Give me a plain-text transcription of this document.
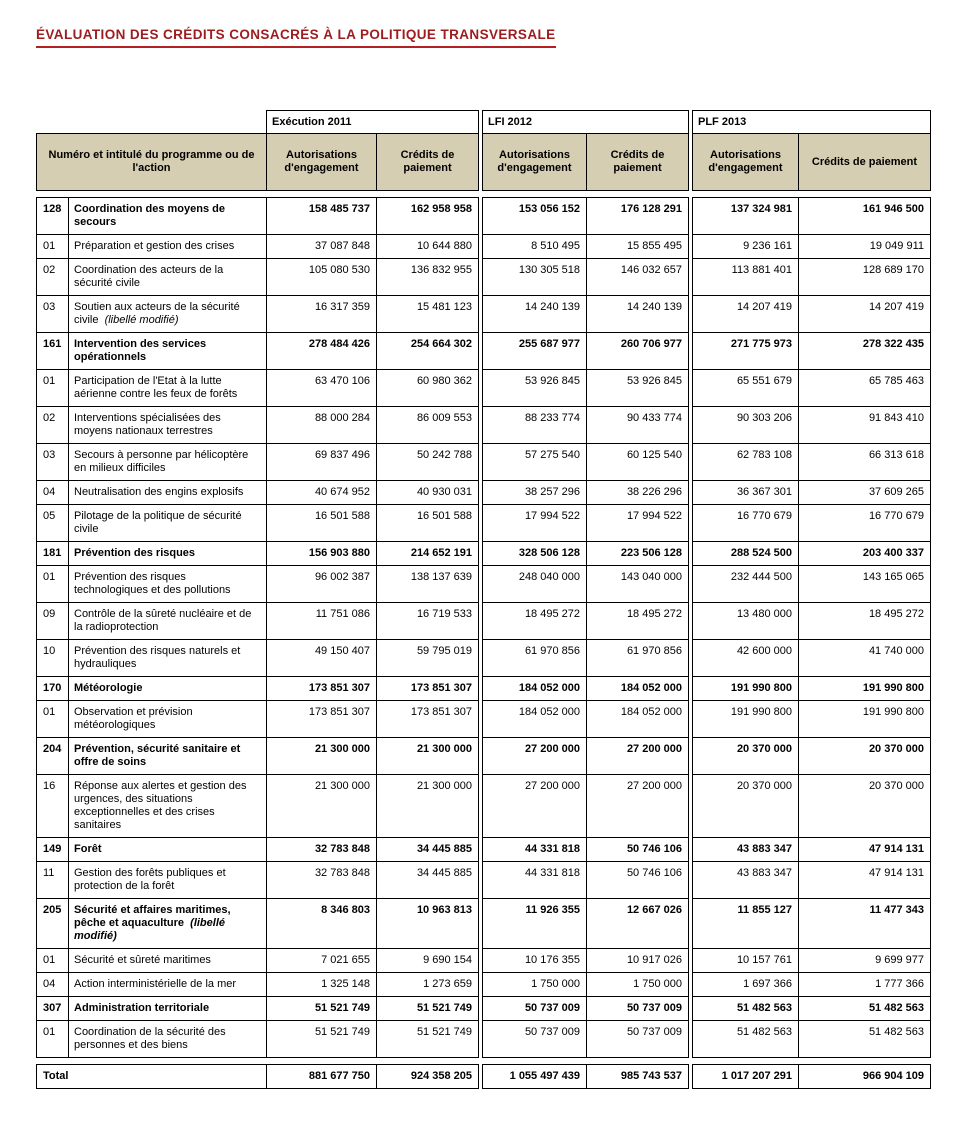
ÉVALUATION DES CRÉDITS CONSACRÉS À LA POLITIQUE TRANSVERSALE
		Exécution 2011			LFI 2012			PLF 2013	
Numéro et intitulé du programme ou de l'action		Autorisations d'engagement	Crédits de paiement		Autorisations d'engagement	Crédits de paiement		Autorisations d'engagement	Crédits de paiement

128	Coordination des moyens de secours	158 485 737	162 958 958		153 056 152	176 128 291		137 324 981	161 946 500
01	Préparation et gestion des crises	37 087 848	10 644 880		8 510 495	15 855 495		9 236 161	19 049 911
02	Coordination des acteurs de la sécurité civile	105 080 530	136 832 955		130 305 518	146 032 657		113 881 401	128 689 170
03	Soutien aux acteurs de la sécurité civile  (libellé modifié)	16 317 359	15 481 123		14 240 139	14 240 139		14 207 419	14 207 419
161	Intervention des services opérationnels	278 484 426	254 664 302		255 687 977	260 706 977		271 775 973	278 322 435
01	Participation de l'Etat à la lutte aérienne contre les feux de forêts	63 470 106	60 980 362		53 926 845	53 926 845		65 551 679	65 785 463
02	Interventions spécialisées des moyens nationaux terrestres	88 000 284	86 009 553		88 233 774	90 433 774		90 303 206	91 843 410
03	Secours à personne par hélicoptère en milieux difficiles	69 837 496	50 242 788		57 275 540	60 125 540		62 783 108	66 313 618
04	Neutralisation des engins explosifs	40 674 952	40 930 031		38 257 296	38 226 296		36 367 301	37 609 265
05	Pilotage de la politique de sécurité civile	16 501 588	16 501 588		17 994 522	17 994 522		16 770 679	16 770 679
181	Prévention des risques	156 903 880	214 652 191		328 506 128	223 506 128		288 524 500	203 400 337
01	Prévention des risques technologiques et des pollutions	96 002 387	138 137 639		248 040 000	143 040 000		232 444 500	143 165 065
09	Contrôle de la sûreté nucléaire et de la radioprotection	11 751 086	16 719 533		18 495 272	18 495 272		13 480 000	18 495 272
10	Prévention des risques naturels et hydrauliques	49 150 407	59 795 019		61 970 856	61 970 856		42 600 000	41 740 000
170	Météorologie	173 851 307	173 851 307		184 052 000	184 052 000		191 990 800	191 990 800
01	Observation et prévision météorologiques	173 851 307	173 851 307		184 052 000	184 052 000		191 990 800	191 990 800
204	Prévention, sécurité sanitaire et offre de soins	21 300 000	21 300 000		27 200 000	27 200 000		20 370 000	20 370 000
16	Réponse aux alertes et gestion des urgences, des situations exceptionnelles et des crises sanitaires	21 300 000	21 300 000		27 200 000	27 200 000		20 370 000	20 370 000
149	Forêt	32 783 848	34 445 885		44 331 818	50 746 106		43 883 347	47 914 131
11	Gestion des forêts publiques et protection de la forêt	32 783 848	34 445 885		44 331 818	50 746 106		43 883 347	47 914 131
205	Sécurité et affaires maritimes, pêche et aquaculture  (libellé modifié)	8 346 803	10 963 813		11 926 355	12 667 026		11 855 127	11 477 343
01	Sécurité et sûreté maritimes	7 021 655	9 690 154		10 176 355	10 917 026		10 157 761	9 699 977
04	Action interministérielle de la mer	1 325 148	1 273 659		1 750 000	1 750 000		1 697 366	1 777 366
307	Administration territoriale	51 521 749	51 521 749		50 737 009	50 737 009		51 482 563	51 482 563
01	Coordination de la sécurité des personnes et des biens	51 521 749	51 521 749		50 737 009	50 737 009		51 482 563	51 482 563

Total		881 677 750	924 358 205		1 055 497 439	985 743 537		1 017 207 291	966 904 109
